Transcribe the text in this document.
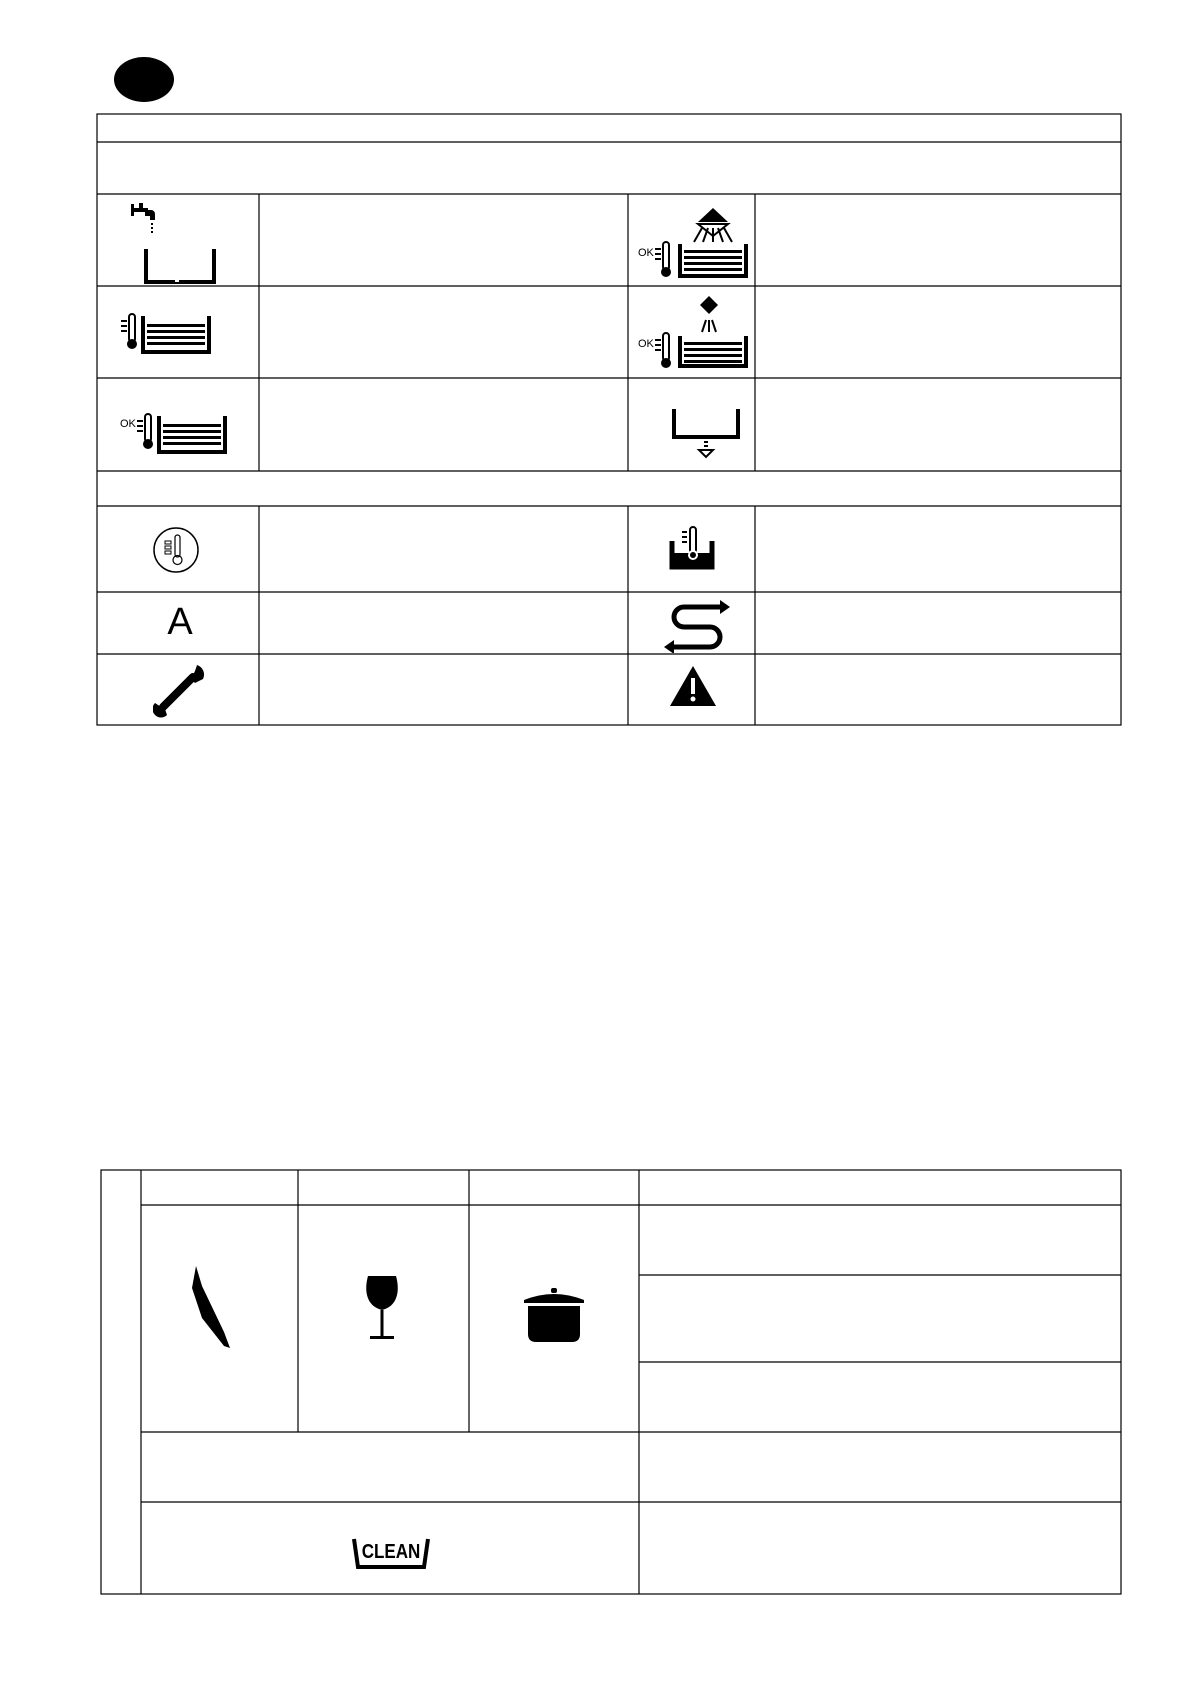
OK
OK
OK
A
CLEAN
